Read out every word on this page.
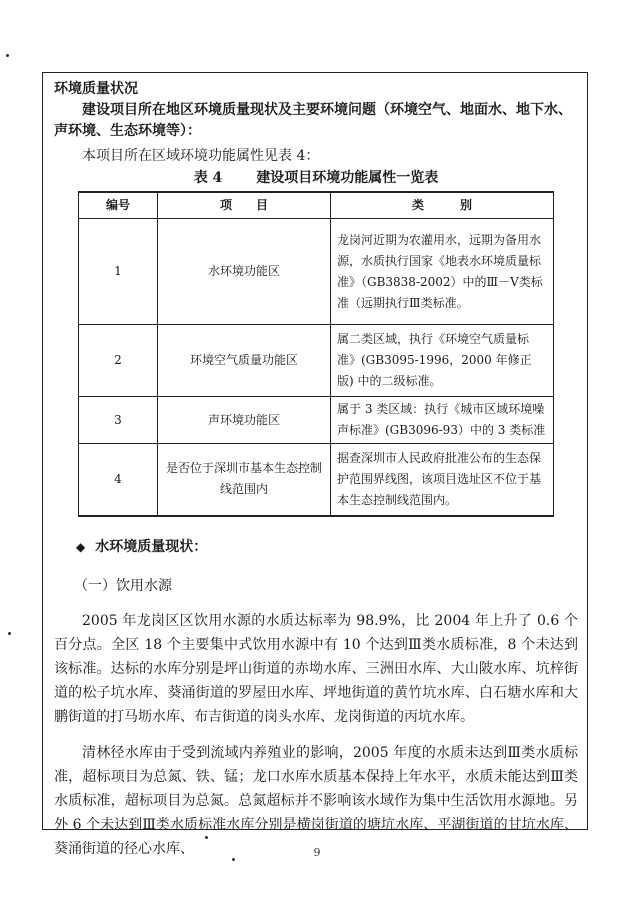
环境质量状况

建设项目所在地区环境质量现状及主要环境问题（环境空气、地面水、地下水、声环境、生态环境等）：

本项目所在区域环境功能属性见表 4：

表 4 建设项目环境功能属性一览表
编号	项　　目	类　　　别
1	水环境功能区	龙岗河近期为农灌用水，远期为备用水源，水质执行国家《地表水环境质量标准》（GB3838-2002）中的Ⅲ－Ⅴ类标准（远期执行Ⅲ类标准。
2	环境空气质量功能区	属二类区域，执行《环境空气质量标准》(GB3095-1996，2000 年修正版) 中的二级标准。
3	声环境功能区	属于 3 类区域：执行《城市区域环境噪声标准》(GB3096-93）中的 3 类标准
4	是否位于深圳市基本生态控制线范围内	据查深圳市人民政府批准公布的生态保护范围界线图，该项目选址区不位于基本生态控制线范围内。
◆ 水环境质量现状：
（一）饮用水源

2005 年龙岗区区饮用水源的水质达标率为 98.9%，比 2004 年上升了 0.6 个百分点。全区 18 个主要集中式饮用水源中有 10 个达到Ⅲ类水质标准，8 个未达到该标准。达标的水库分别是坪山街道的赤坳水库、三洲田水库、大山陂水库、坑梓街道的松子坑水库、葵涌街道的罗屋田水库、坪地街道的黄竹坑水库、白石塘水库和大鹏街道的打马坜水库、布吉街道的岗头水库、龙岗街道的丙坑水库。

清林径水库由于受到流域内养殖业的影响，2005 年度的水质未达到Ⅲ类水质标准，超标项目为总氮、铁、锰；龙口水库水质基本保持上年水平，水质未能达到Ⅲ类水质标准，超标项目为总氮。总氮超标并不影响该水域作为集中生活饮用水源地。另外 6 个未达到Ⅲ类水质标准水库分别是横岗街道的塘坑水库、平湖街道的甘坑水库、葵涌街道的径心水库、	9
